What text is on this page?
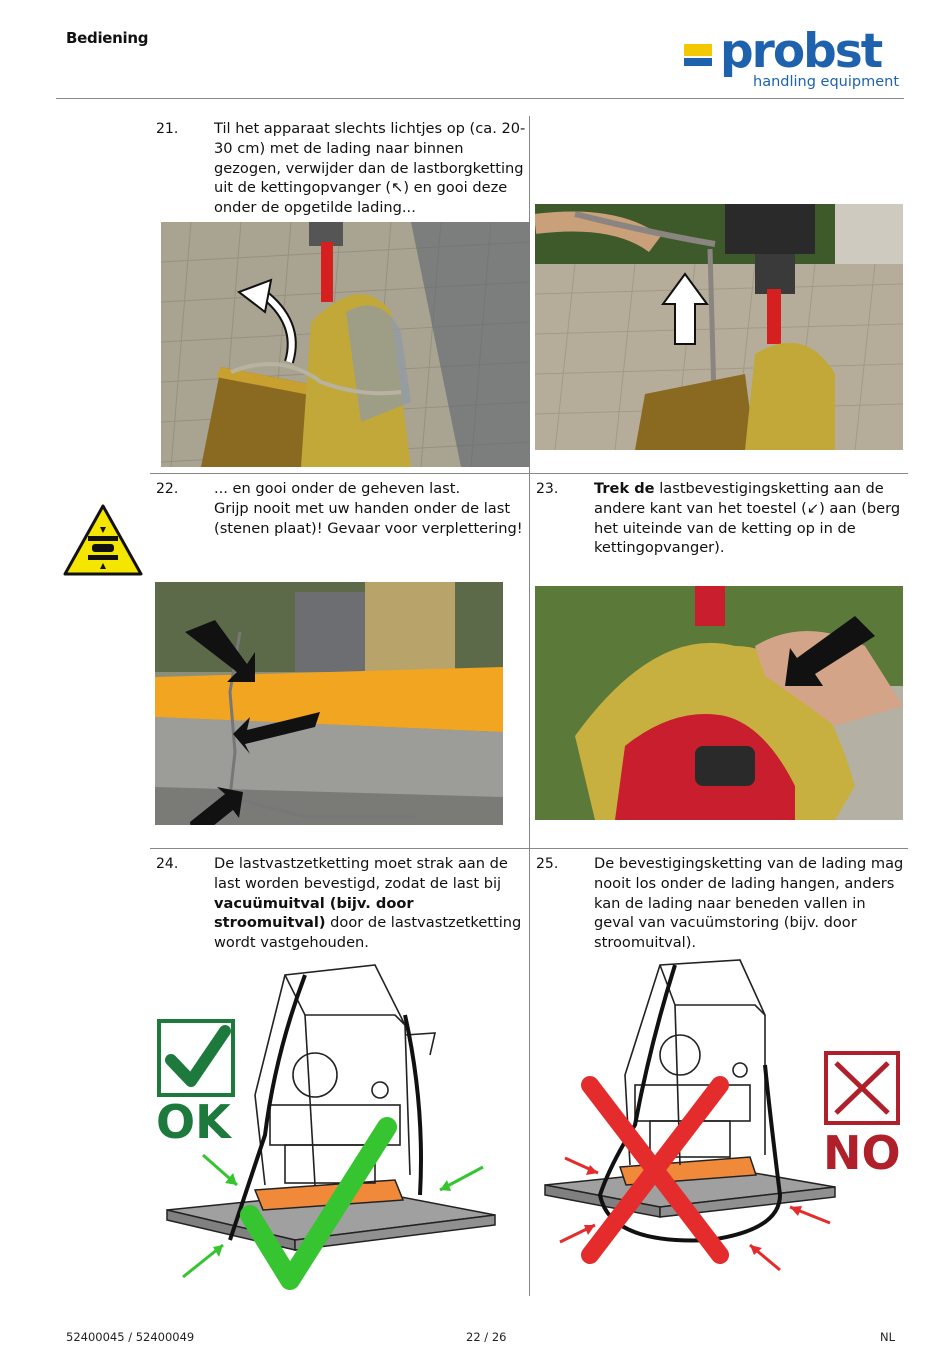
Bediening	probst
handling equipment
21. Til het apparaat slechts lichtjes op (ca. 20-30 cm) met de lading naar binnen gezogen, verwijder dan de lastborgketting uit de kettingopvanger (↖) en gooi deze onder de opgetilde lading...
22. ... en gooi onder de geheven last.
Grijp nooit met uw handen onder de last (stenen plaat)! Gevaar voor verplettering!
23. Trek de lastbevestigingsketting aan de andere kant van het toestel (↙) aan (berg het uiteinde van de ketting op in de kettingopvanger).
24. De lastvastzetketting moet strak aan de last worden bevestigd, zodat de last bij vacuümuitval (bijv. door stroomuitval) door de lastvastzetketting wordt vastgehouden.
OK
25. De bevestigingsketting van de lading mag nooit los onder de lading hangen, anders kan de lading naar beneden vallen in geval van vacuümstoring (bijv. door stroomuitval).
NO
52400045 / 52400049	22 / 26	NL
